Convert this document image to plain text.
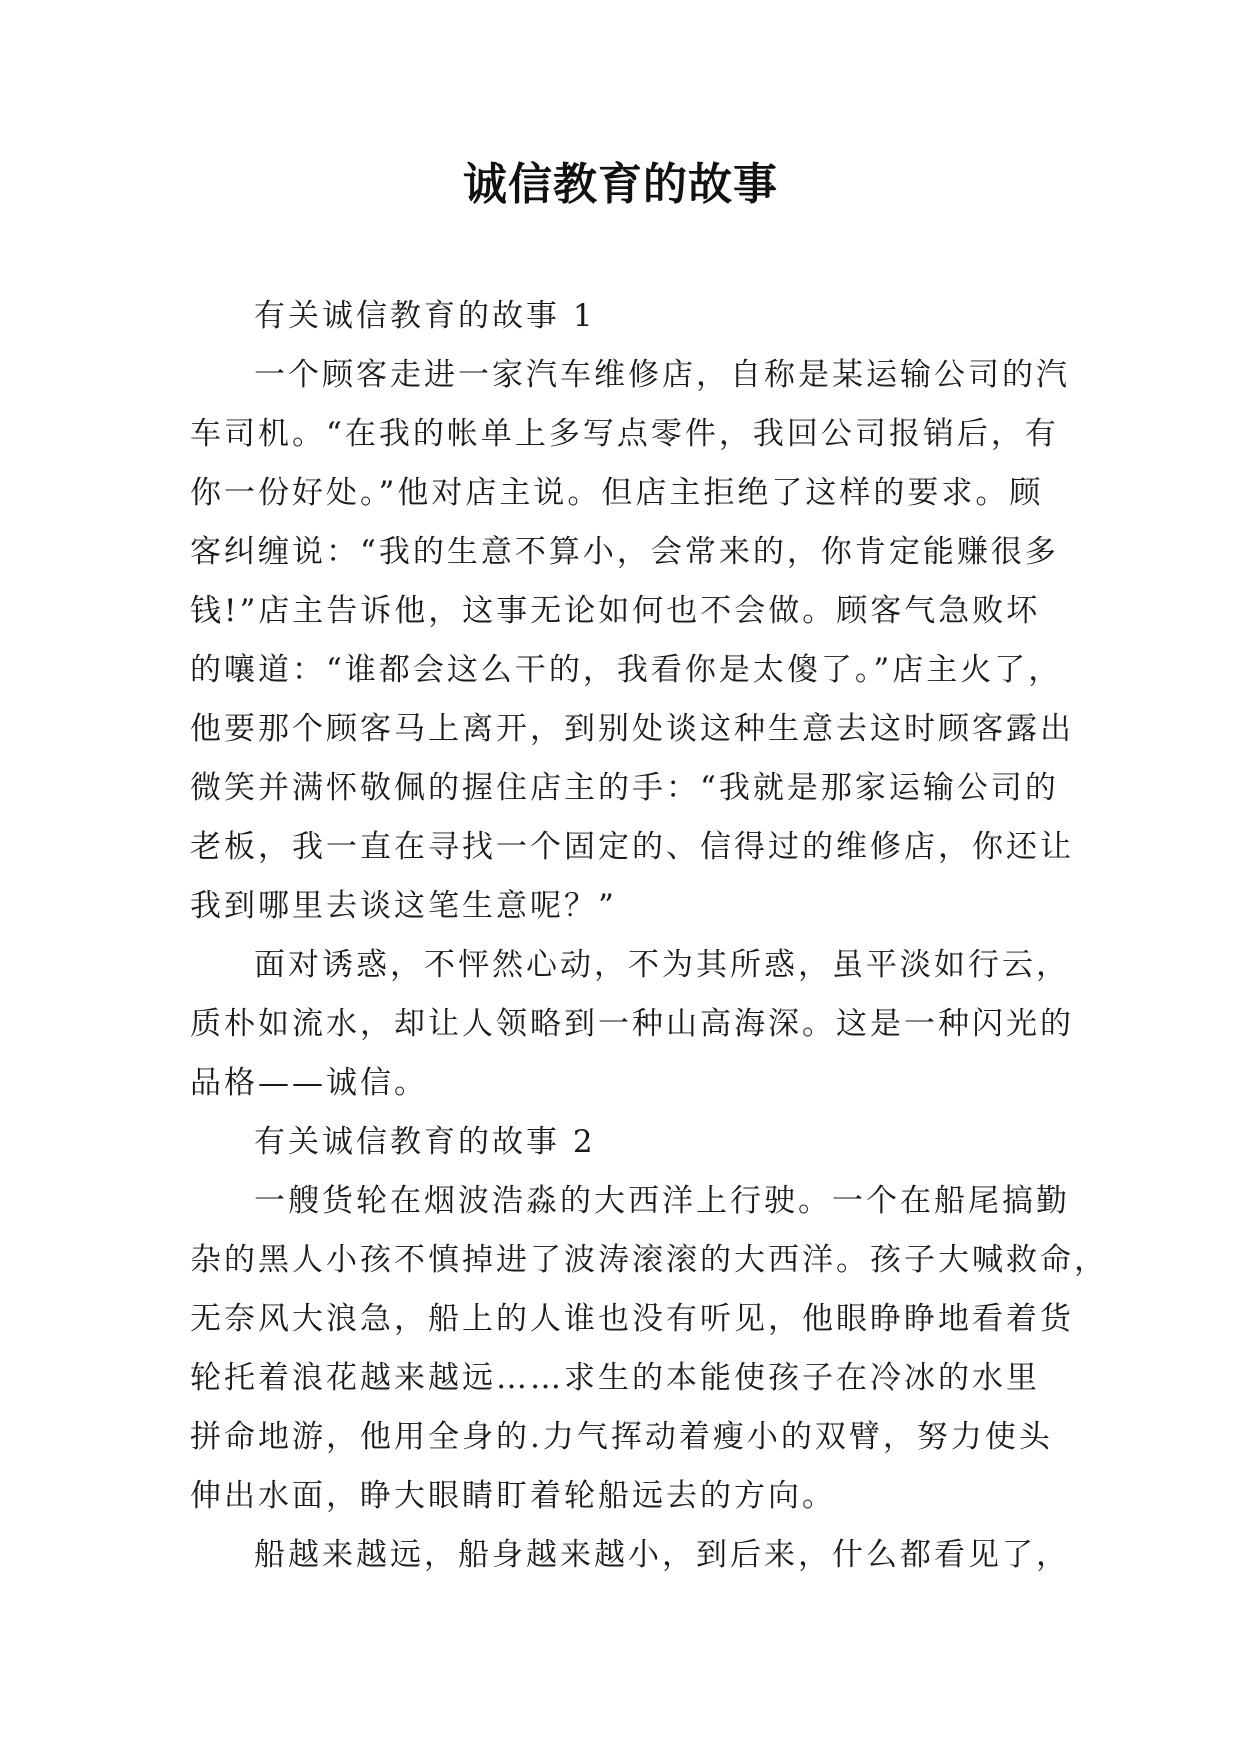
诚信教育的故事
有关诚信教育的故事 1
一个顾客走进一家汽车维修店，自称是某运输公司的汽
车司机。“在我的帐单上多写点零件，我回公司报销后，有
你一份好处。”他对店主说。但店主拒绝了这样的要求。顾
客纠缠说：“我的生意不算小，会常来的，你肯定能赚很多
钱!”店主告诉他，这事无论如何也不会做。顾客气急败坏
的嚷道：“谁都会这么干的，我看你是太傻了。”店主火了，
他要那个顾客马上离开，到别处谈这种生意去这时顾客露出
微笑并满怀敬佩的握住店主的手：“我就是那家运输公司的
老板，我一直在寻找一个固定的、信得过的维修店，你还让
我到哪里去谈这笔生意呢？”
面对诱惑，不怦然心动，不为其所惑，虽平淡如行云，
质朴如流水，却让人领略到一种山高海深。这是一种闪光的
品格——诚信。
有关诚信教育的故事 2
一艘货轮在烟波浩淼的大西洋上行驶。一个在船尾搞勤
杂的黑人小孩不慎掉进了波涛滚滚的大西洋。孩子大喊救命，
无奈风大浪急，船上的人谁也没有听见，他眼睁睁地看着货
轮托着浪花越来越远……求生的本能使孩子在冷冰的水里
拼命地游，他用全身的.力气挥动着瘦小的双臂，努力使头
伸出水面，睁大眼睛盯着轮船远去的方向。
船越来越远，船身越来越小，到后来，什么都看见了，
